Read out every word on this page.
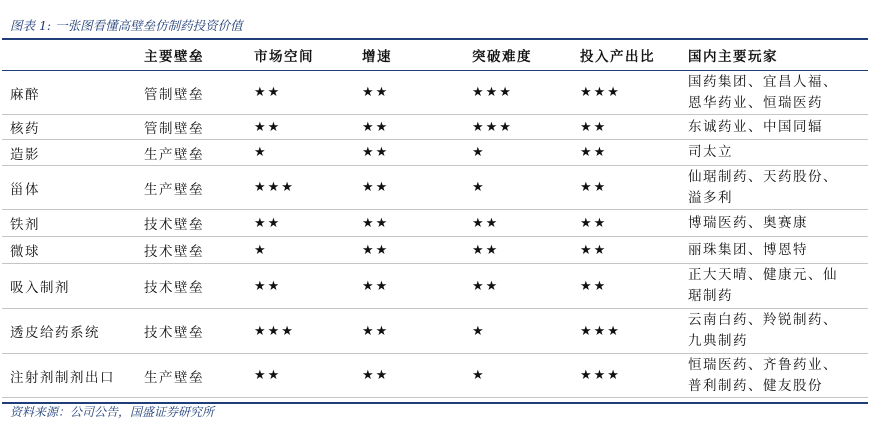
图表 1: 一张图看懂高壁垒仿制药投资价值
	主要壁垒	市场空间	增速	突破难度	投入产出比	国内主要玩家
麻醉	管制壁垒	★★	★★	★★★	★★★	国药集团、宜昌人福、
恩华药业、恒瑞医药

核药	管制壁垒	★★	★★	★★★	★★	东诚药业、中国同辐

造影	生产壁垒	★	★★	★	★★	司太立

甾体	生产壁垒	★★★	★★	★	★★	仙琚制药、天药股份、
溢多利

铁剂	技术壁垒	★★	★★	★★	★★	博瑞医药、奥赛康

微球	技术壁垒	★	★★	★★	★★	丽珠集团、博恩特

吸入制剂	技术壁垒	★★	★★	★★	★★	正大天晴、健康元、仙
琚制药

透皮给药系统	技术壁垒	★★★	★★	★	★★★	云南白药、羚锐制药、
九典制药

注射剂制剂出口	生产壁垒	★★	★★	★	★★★	恒瑞医药、齐鲁药业、
普利制药、健友股份
资料来源：公司公告，国盛证券研究所
